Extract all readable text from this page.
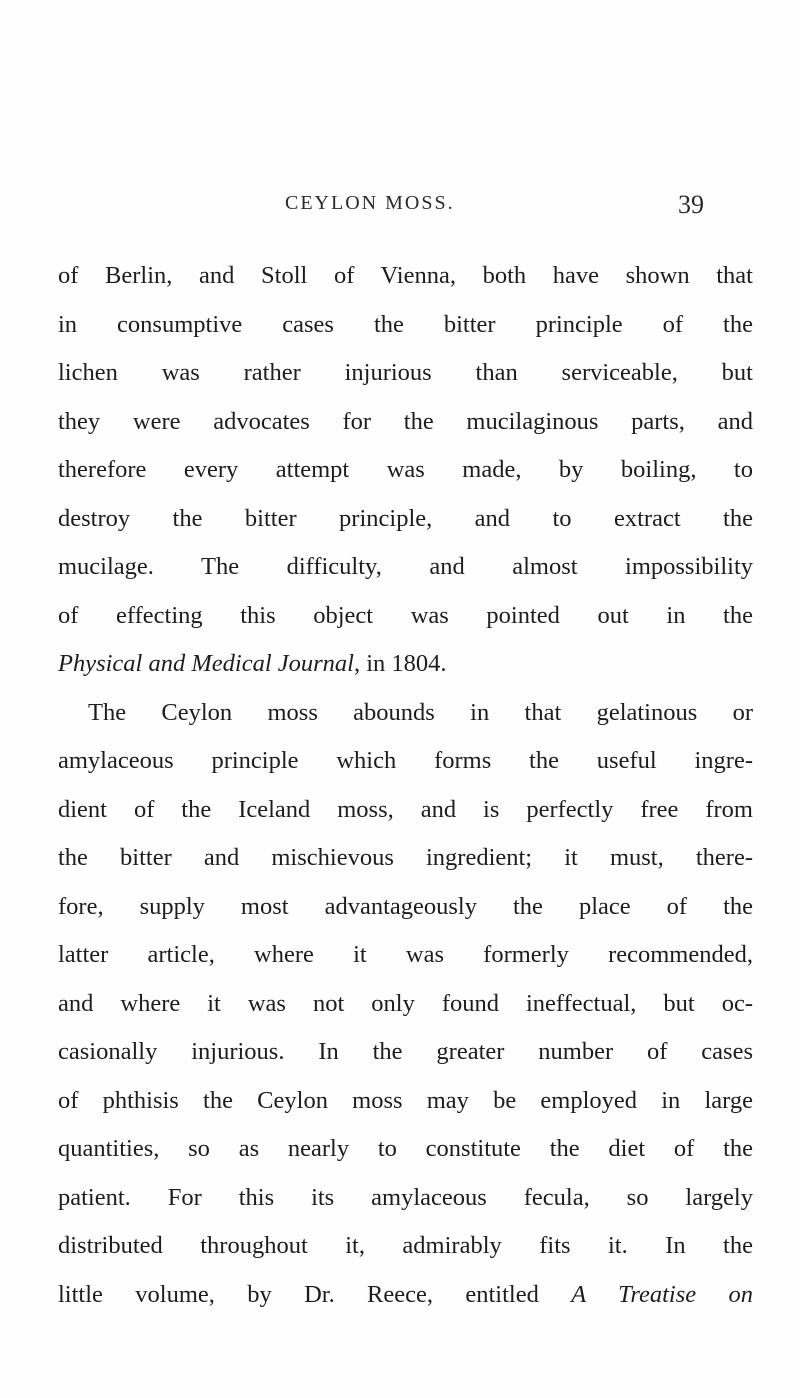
CEYLON MOSS.	39
of Berlin, and Stoll of Vienna, both have shown that
in consumptive cases the bitter principle of the
lichen was rather injurious than serviceable, but
they were advocates for the mucilaginous parts, and
therefore every attempt was made, by boiling, to
destroy the bitter principle, and to extract the
mucilage. The difficulty, and almost impossibility
of effecting this object was pointed out in the
Physical and Medical Journal, in 1804.
The Ceylon moss abounds in that gelatinous or
amylaceous principle which forms the useful ingre-
dient of the Iceland moss, and is perfectly free from
the bitter and mischievous ingredient; it must, there-
fore, supply most advantageously the place of the
latter article, where it was formerly recommended,
and where it was not only found ineffectual, but oc-
casionally injurious. In the greater number of cases
of phthisis the Ceylon moss may be employed in large
quantities, so as nearly to constitute the diet of the
patient. For this its amylaceous fecula, so largely
distributed throughout it, admirably fits it. In the
little volume, by Dr. Reece, entitled A Treatise on
